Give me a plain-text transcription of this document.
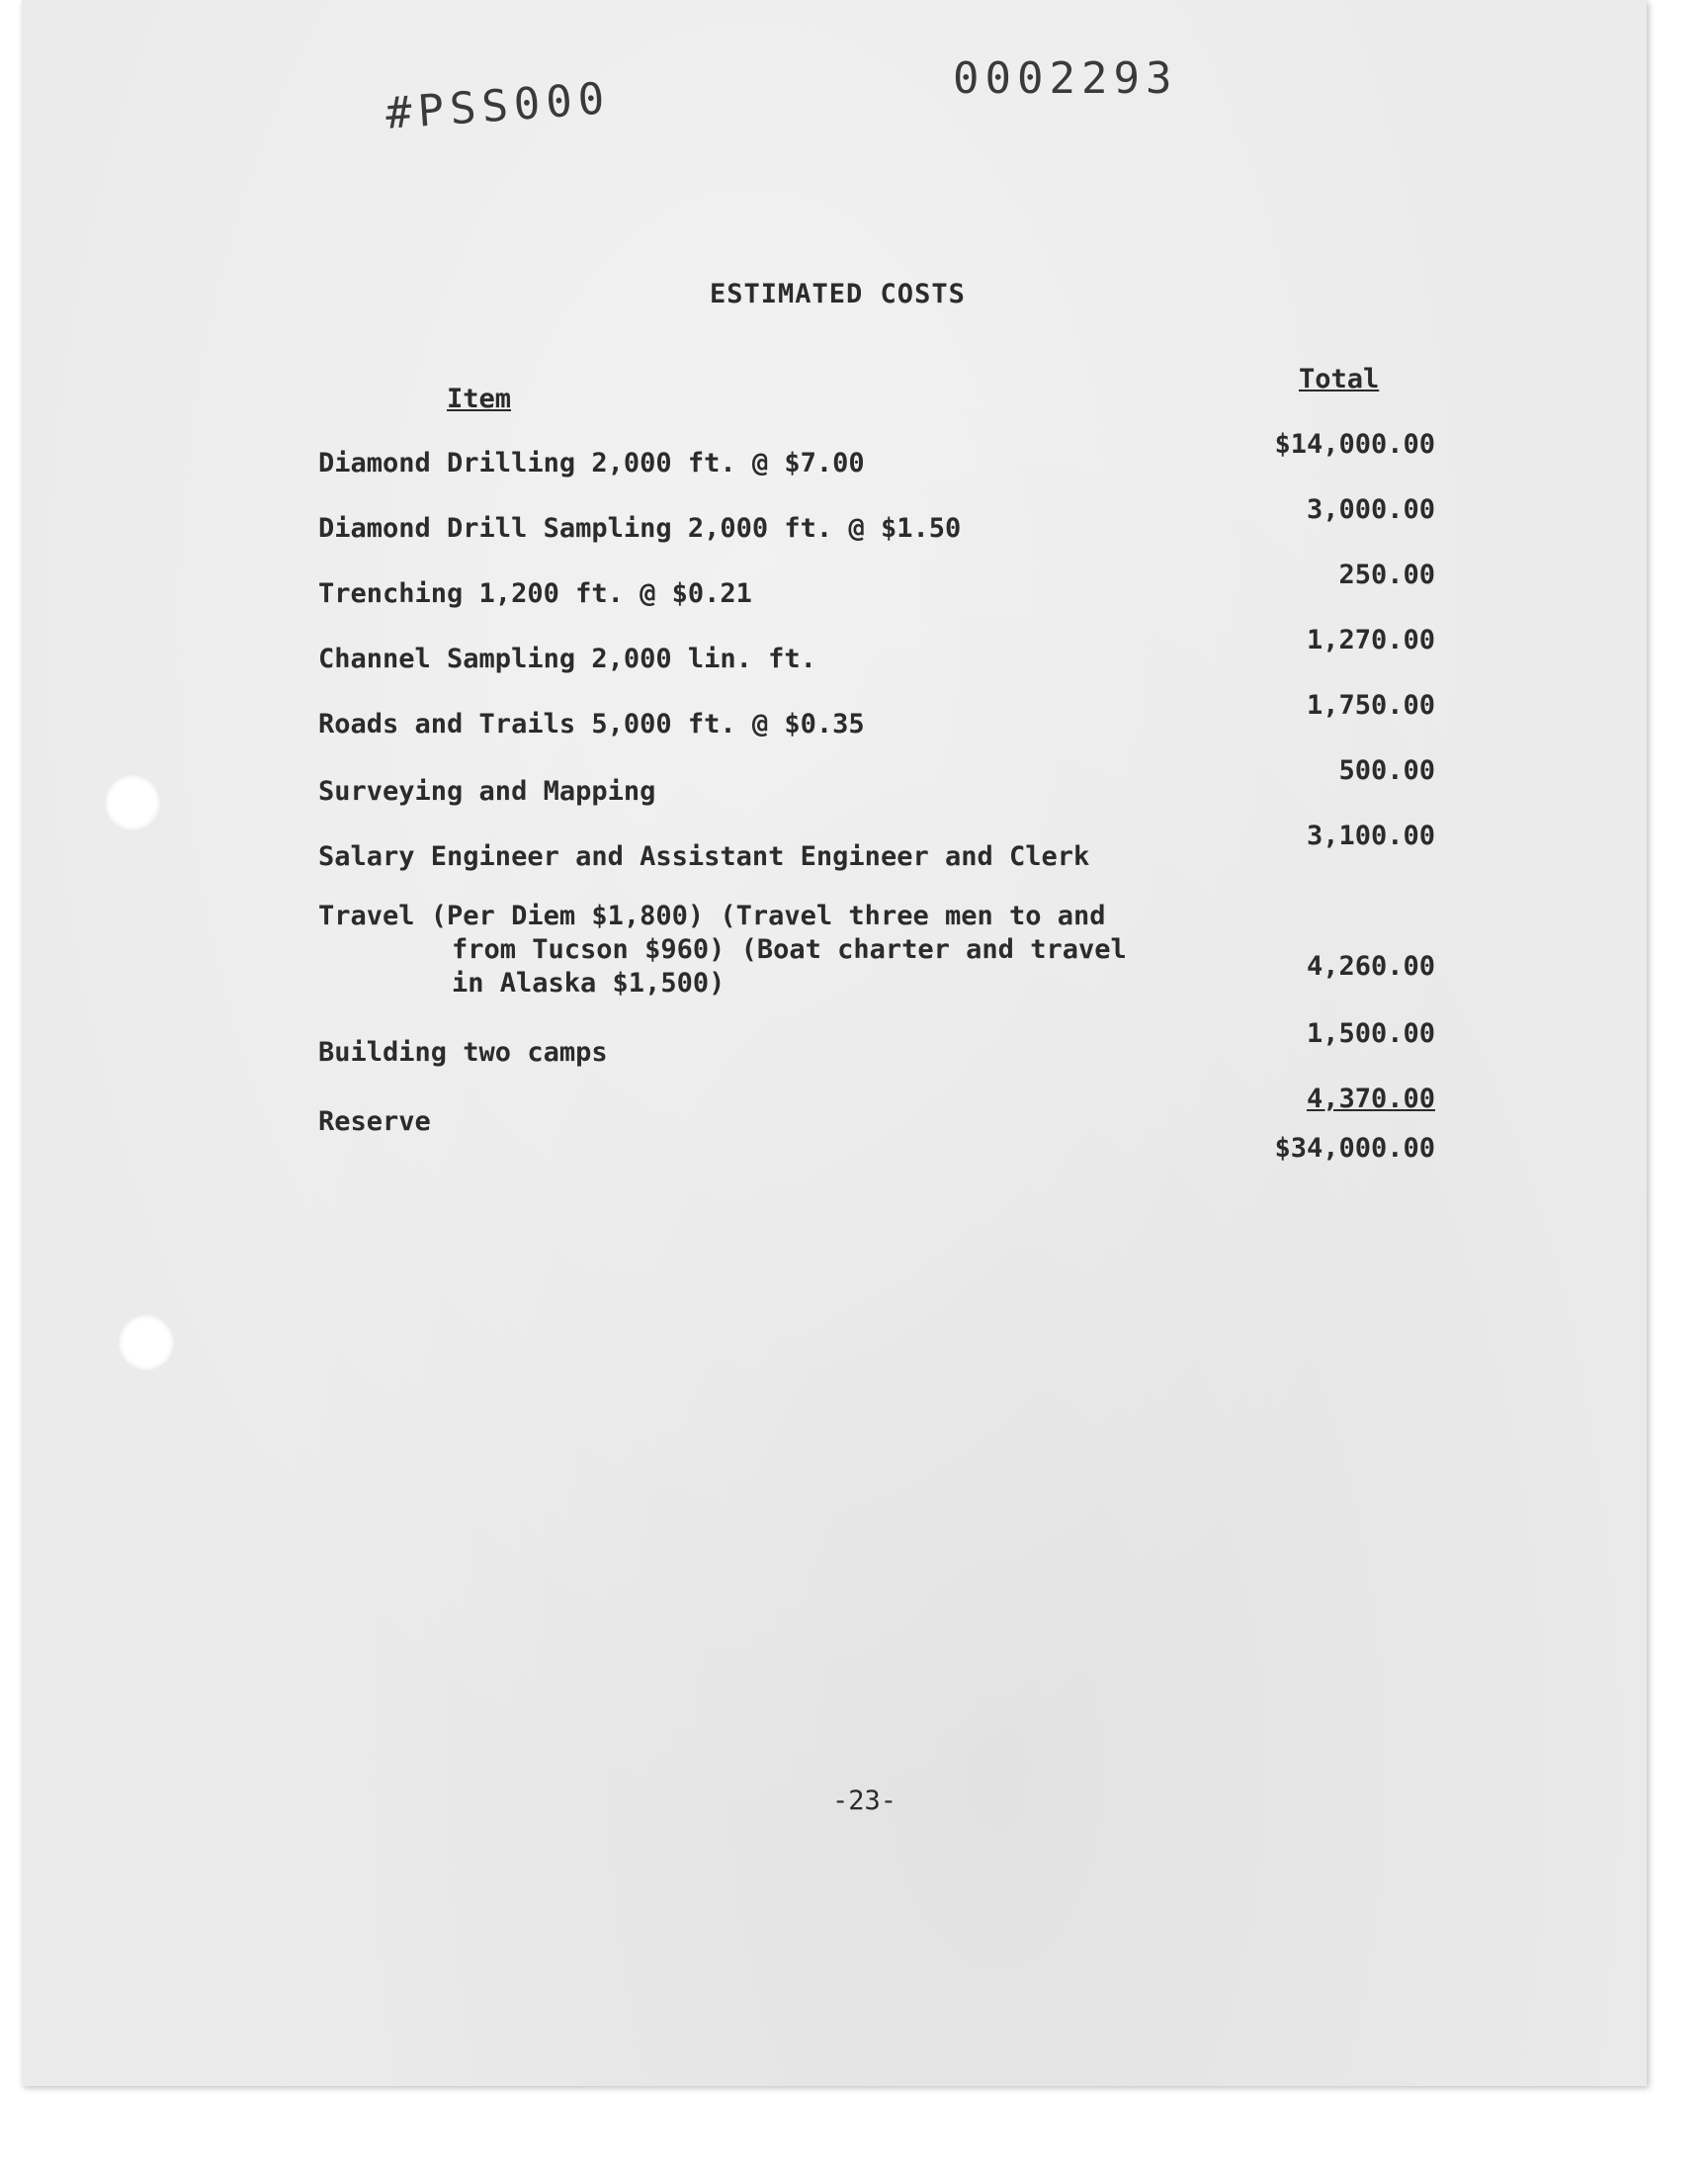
0002293
#PSS000
ESTIMATED COSTS
Item
Total
Diamond Drilling 2,000 ft. @ $7.00
$14,000.00
Diamond Drill Sampling 2,000 ft. @ $1.50
3,000.00
Trenching 1,200 ft. @ $0.21
250.00
Channel Sampling 2,000 lin. ft.
1,270.00
Roads and Trails 5,000 ft. @ $0.35
1,750.00
Surveying and Mapping
500.00
Salary Engineer and Assistant Engineer and Clerk
3,100.00
Travel (Per Diem $1,800) (Travel three men to and
from Tucson $960) (Boat charter and travel
in Alaska $1,500)
4,260.00
Building two camps
1,500.00
Reserve
4,370.00
$34,000.00
-23-
